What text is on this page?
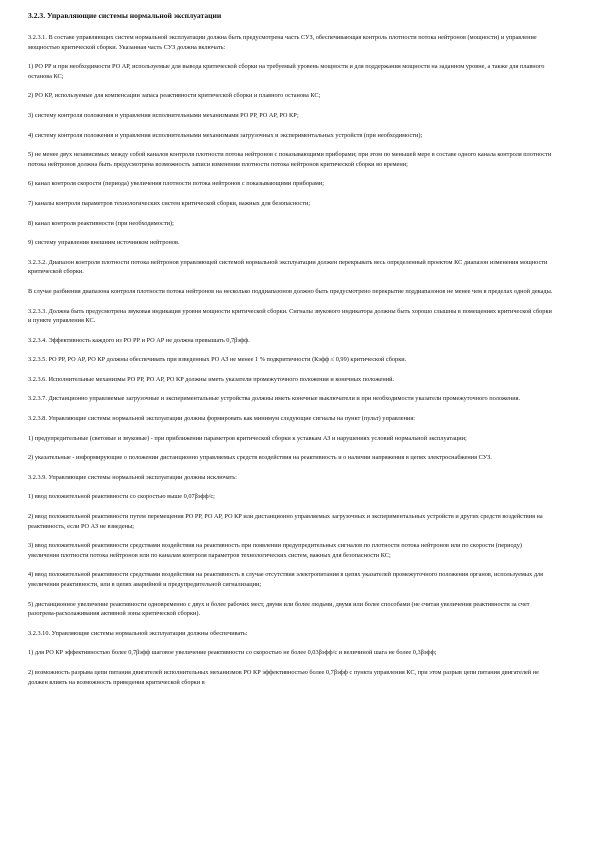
3.2.3. Управляющие системы нормальной эксплуатации

3.2.3.1. В составе управляющих систем нормальной эксплуатации должна быть предусмотрена часть СУЗ, обеспечивающая контроль плотности потока нейтронов (мощности) и управление мощностью критической сборки. Указанная часть СУЗ должна включать:

1) РО РР и при необходимости РО АР, используемые для вывода критической сборки на требуемый уровень мощности и для поддержания мощности на заданном уровне, а также для плавного останова КС;

2) РО КР, используемые для компенсации запаса реактивности критической сборки и плавного останова КС;

3) систему контроля положения и управления исполнительными механизмами РО РР, РО АР, РО КР;

4) систему контроля положения и управления исполнительными механизмами загрузочных и экспериментальных устройств (при необходимости);

5) не менее двух независимых между собой каналов контроля плотности потока нейтронов с показывающими приборами; при этом по меньшей мере в составе одного канала контроля плотности потока нейтронов должна быть предусмотрена возможность записи изменения плотности потока нейтронов критической сборки во времени;

6) канал контроля скорости (периода) увеличения плотности потока нейтронов с показывающими приборами;

7) каналы контроля параметров технологических систем критической сборки, важных для безопасности;

8) канал контроля реактивности (при необходимости);

9) систему управления внешним источником нейтронов.

3.2.3.2. Диапазон контроля плотности потока нейтронов управляющей системой нормальной эксплуатации должен перекрывать весь определенный проектом КС диапазон изменения мощности критической сборки.

В случае разбиения диапазона контроля плотности потока нейтронов на несколько поддиапазонов должно быть предусмотрено перекрытие поддиапазонов не менее чем в пределах одной декады.

3.2.3.3. Должна быть предусмотрена звуковая индикация уровня мощности критической сборки. Сигналы звукового индикатора должны быть хорошо слышны в помещениях критической сборки и пункте управления КС.

3.2.3.4. Эффективность каждого из РО РР и РО АР не должна превышать 0,7βэфф.

3.2.3.5. РО РР, РО АР, РО КР должны обеспечивать при взведенных РО АЗ не менее 1 % подкритичности (Кэфф ≤ 0,99) критической сборки.

3.2.3.6. Исполнительные механизмы РО РР, РО АР, РО КР должны иметь указатели промежуточного положения и конечных положений.

3.2.3.7. Дистанционно управляемые загрузочные и экспериментальные устройства должны иметь конечные выключатели и при необходимости указатели промежуточного положения.

3.2.3.8. Управляющие системы нормальной эксплуатации должны формировать как минимум следующие сигналы на пункт (пульт) управления:

1) предупредительные (световые и звуковые) - при приближении параметров критической сборки к уставкам АЗ и нарушениях условий нормальной эксплуатации;

2) указательные - информирующие о положении дистанционно управляемых средств воздействия на реактивность и о наличии напряжения в цепях электроснабжения СУЗ.

3.2.3.9. Управляющие системы нормальной эксплуатации должны исключать:

1) ввод положительной реактивности со скоростью выше 0,07βэфф/с;

2) ввод положительной реактивности путем перемещения РО РР, РО АР, РО КР или дистанционно управляемых загрузочных и экспериментальных устройств и других средств воздействия на реактивность, если РО АЗ не взведены;

3) ввод положительной реактивности средствами воздействия на реактивность при появлении предупредительных сигналов по плотности потока нейтронов или по скорости (периоду) увеличения плотности потока нейтронов или по каналам контроля параметров технологических систем, важных для безопасности КС;

4) ввод положительной реактивности средствами воздействия на реактивность в случае отсутствия электропитания в цепях указателей промежуточного положения органов, используемых для увеличения реактивности, или в цепях аварийной и предупредительной сигнализации;

5) дистанционное увеличение реактивности одновременно с двух и более рабочих мест, двумя или более людьми, двумя или более способами (не считая увеличения реактивности за счет разогрева-расхолаживания активной зоны критической сборки).

3.2.3.10. Управляющие системы нормальной эксплуатации должны обеспечивать:

1) для РО КР эффективностью более 0,7βэфф шаговое увеличение реактивности со скоростью не более 0,03βэфф/с и величиной шага не более 0,3βэфф;

2) возможность разрыва цепи питания двигателей исполнительных механизмов РО КР эффективностью более 0,7βэфф с пункта управления КС, при этом разрыв цепи питания двигателей не должен влиять на возможность приведения критической сборки в
